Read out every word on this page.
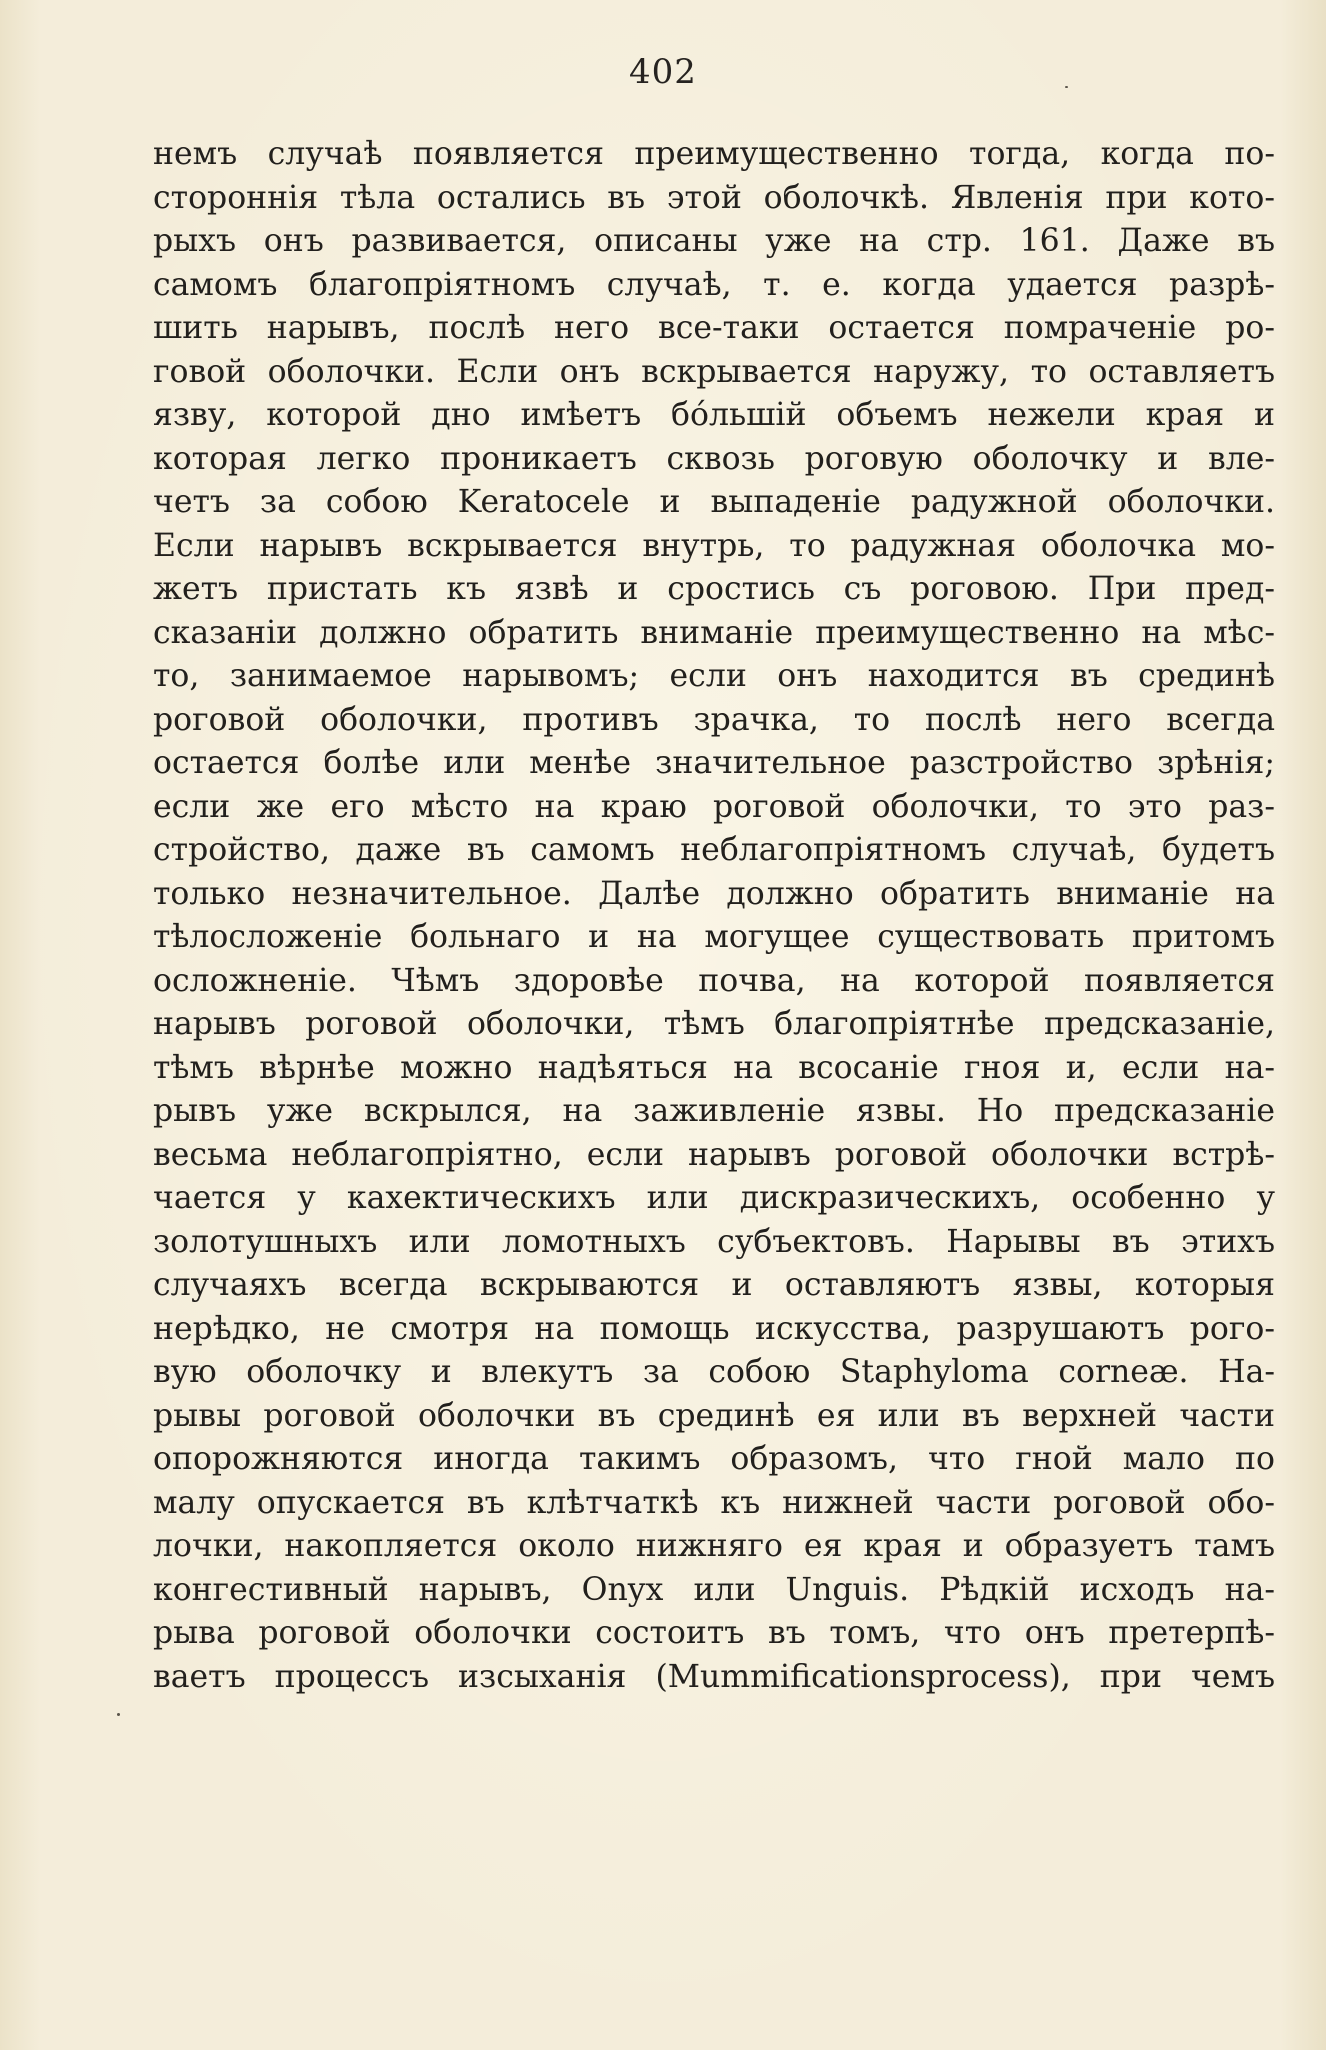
402
немъ случаѣ появляется преимущественно тогда, когда по-
стороннія тѣла остались въ этой оболочкѣ. Явленія при кото-
рыхъ онъ развивается, описаны уже на стр. 161. Даже въ
самомъ благопріятномъ случаѣ, т. е. когда удается разрѣ-
шить нарывъ, послѣ него все-таки остается помраченіе ро-
говой оболочки. Если онъ вскрывается наружу, то оставляетъ
язву, которой дно имѣетъ бо́льшій объемъ нежели края и
которая легко проникаетъ сквозь роговую оболочку и вле-
четъ за собою Keratocele и выпаденіе радужной оболочки.
Если нарывъ вскрывается внутрь, то радужная оболочка мо-
жетъ пристать къ язвѣ и сростись съ роговою. При пред-
сказаніи должно обратить вниманіе преимущественно на мѣс-
то, занимаемое нарывомъ; если онъ находится въ срединѣ
роговой оболочки, противъ зрачка, то послѣ него всегда
остается болѣе или менѣе значительное разстройство зрѣнія;
если же его мѣсто на краю роговой оболочки, то это раз-
стройство, даже въ самомъ неблагопріятномъ случаѣ, будетъ
только незначительное. Далѣе должно обратить вниманіе на
тѣлосложеніе больнаго и на могущее существовать притомъ
осложненіе. Чѣмъ здоровѣе почва, на которой появляется
нарывъ роговой оболочки, тѣмъ благопріятнѣе предсказаніе,
тѣмъ вѣрнѣе можно надѣяться на всосаніе гноя и, если на-
рывъ уже вскрылся, на заживленіе язвы. Но предсказаніе
весьма неблагопріятно, если нарывъ роговой оболочки встрѣ-
чается у кахектическихъ или дискразическихъ, особенно у
золотушныхъ или ломотныхъ субъектовъ. Нарывы въ этихъ
случаяхъ всегда вскрываются и оставляютъ язвы, которыя
нерѣдко, не смотря на помощь искусства, разрушаютъ рого-
вую оболочку и влекутъ за собою Staphyloma corneæ. На-
рывы роговой оболочки въ срединѣ ея или въ верхней части
опорожняются иногда такимъ образомъ, что гной мало по
малу опускается въ клѣтчаткѣ къ нижней части роговой обо-
лочки, накопляется около нижняго ея края и образуетъ тамъ
конгестивный нарывъ, Onyx или Unguis. Рѣдкій исходъ на-
рыва роговой оболочки состоитъ въ томъ, что онъ претерпѣ-
ваетъ процессъ изсыханія (Mummificationsprocess), при чемъ
